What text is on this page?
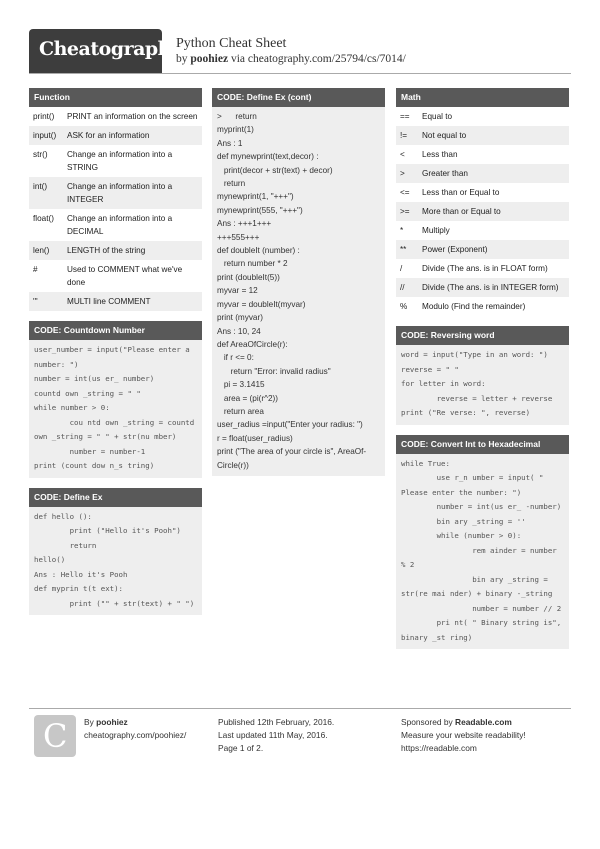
Cheatography
Python Cheat Sheet
by poohiez via cheatography.com/25794/cs/7014/
Function
print()	PRINT an information on the screen
input()	ASK for an information
str()	Change an information into a STRING
int()	Change an information into a INTEGER
float()	Change an information into a DECIMAL
len()	LENGTH of the string
#	Used to COMMENT what we've done
'''	MULTI line COMMENT
CODE: Countdown Number
user_number = input("Please enter a number: ")
number = int(us er_ number)
countd own _string = " "
while number > 0:
cou ntd own _string = countd own _string = " " + str(nu mber)
number = number-1
print (count dow n_s tring)
CODE: Define Ex
def hello ():
print ("Hello it's Pooh")
return
hello()
Ans : Hello it's Pooh
def myprin t(t ext):
print ("" + str(text) + " ")
CODE: Define Ex (cont)
>      return
myprint(1)
Ans : 1
def mynewprint(text,decor) :
print(decor + str(text) + decor)
return
mynewprint(1, "+++")
mynewprint(555, "+++")
Ans : +++1+++
+++555+++
def doubleIt (number) :
return number * 2
print (doubleIt(5))
myvar = 12
myvar = doubleIt(myvar)
print (myvar)
Ans : 10, 24
def AreaOfCircle(r):
if r <= 0:
return "Error: invalid radius"
pi = 3.1415
area = (pi(r^2))
return area
user_radius =input("Enter your radius: ")
r = float(user_radius)
print ("The area of your circle is", AreaOf-Circle(r))
Math
==	Equal to
!=	Not equal to
<	Less than
>	Greater than
<=	Less than or Equal to
>=	More than or Equal to
*	Multiply
**	Power (Exponent)
/	Divide (The ans. is in FLOAT form)
//	Divide (The ans. is in INTEGER form)
%	Modulo (Find the remainder)
CODE: Reversing word
word = input("Type in an word: ")
reverse = " "
for letter in word:
reverse = letter + reverse
print ("Re verse: ", reverse)
CODE: Convert Int to Hexadecimal
while True:
use r_n umber = input( " Please enter the number: ")
number = int(us er_ -number)
bin ary _string = ''
while (number > 0):
rem ainder = number % 2
bin ary _string = str(re mai nder) + binary -_string
number = number // 2
pri nt( " Binary string is", binary _st ring)
C By poohiez
cheatography.com/poohiez/
Published 12th February, 2016.
Last updated 11th May, 2016.
Page 1 of 2.
Sponsored by Readable.com
Measure your website readability!
https://readable.com
